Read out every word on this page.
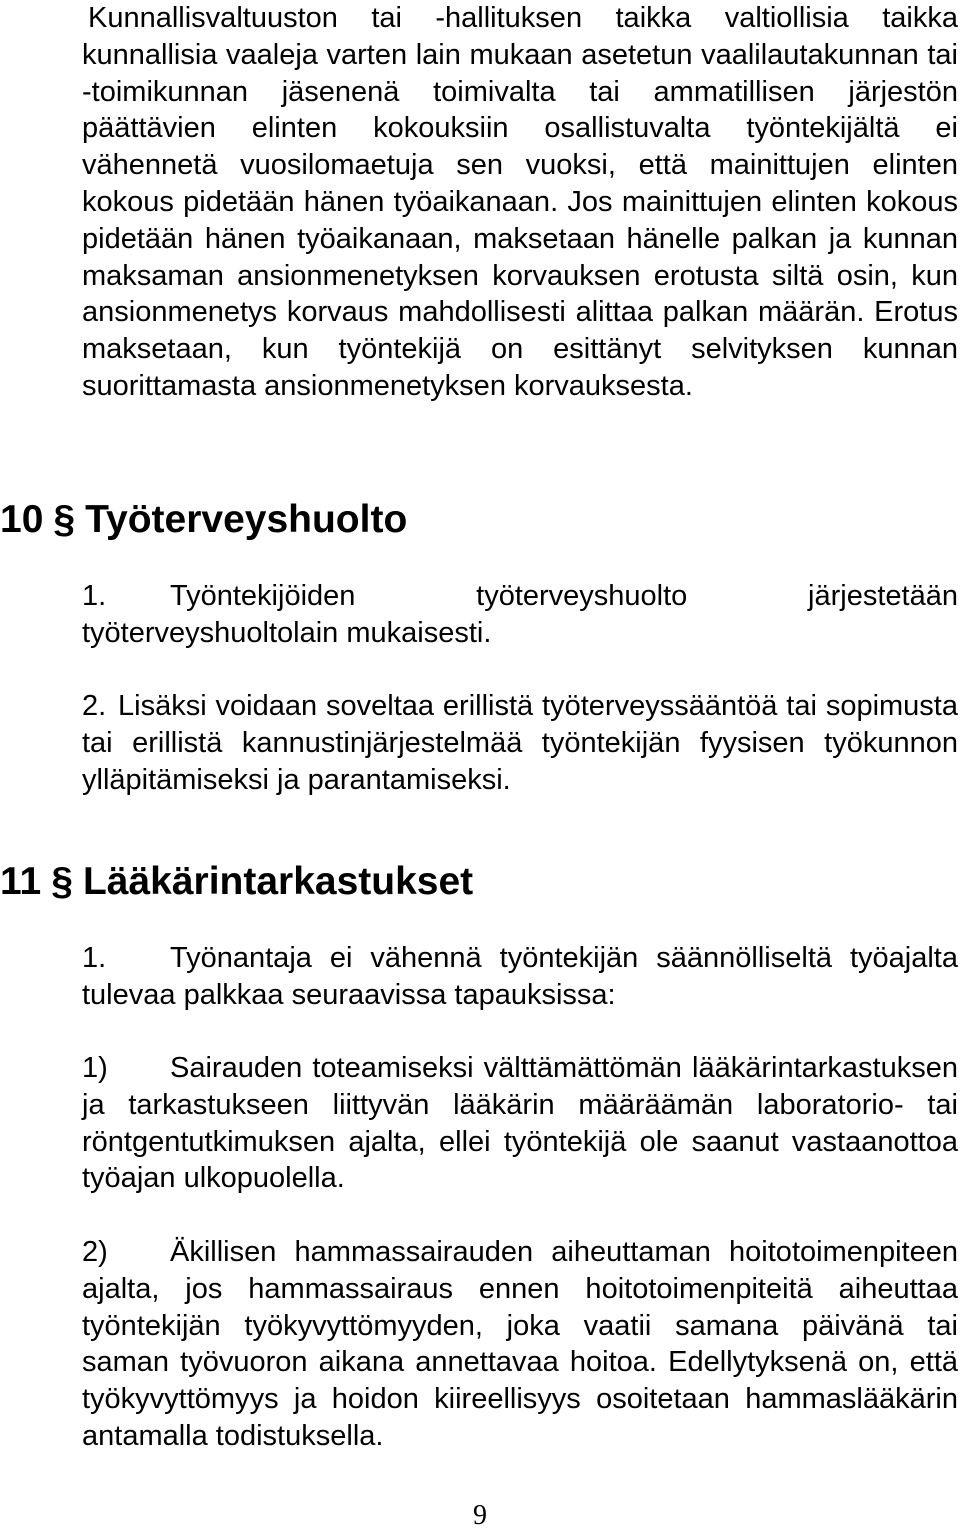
Kunnallisvaltuuston tai -hallituksen taikka valtiollisia taikka kunnallisia vaaleja varten lain mukaan asetetun vaalilautakunnan tai -toimikunnan jäsenenä toimivalta tai ammatillisen järjestön päättävien elinten kokouksiin osallistuvalta työntekijältä ei vähennetä vuosilomaetuja sen vuoksi, että mainittujen elinten kokous pidetään hänen työaikanaan. Jos mainittujen elinten kokous pidetään hänen työaikanaan, maksetaan hänelle palkan ja kunnan maksaman ansionmenetyksen korvauksen erotusta siltä osin, kun ansionmenetys korvaus mahdollisesti alittaa palkan määrän. Erotus maksetaan, kun työntekijä on esittänyt selvityksen kunnan suorittamasta ansionmenetyksen korvauksesta.

10 § Työterveyshuolto

1. Työntekijöiden työterveyshuolto järjestetään työterveyshuoltolain mukaisesti.

2. Lisäksi voidaan soveltaa erillistä työterveyssääntöä tai sopimusta tai erillistä kannustinjärjestelmää työntekijän fyysisen työkunnon ylläpitämiseksi ja parantamiseksi.

11 § Lääkärintarkastukset

1. Työnantaja ei vähennä työntekijän säännölliseltä työajalta tulevaa palkkaa seuraavissa tapauksissa:

1) Sairauden toteamiseksi välttämättömän lääkärintarkastuksen ja tarkastukseen liittyvän lääkärin määräämän laboratorio- tai röntgentutkimuksen ajalta, ellei työntekijä ole saanut vastaanottoa työajan ulkopuolella.

2) Äkillisen hammassairauden aiheuttaman hoitotoimenpiteen ajalta, jos hammassairaus ennen hoitotoimenpiteitä aiheuttaa työntekijän työkyvyttömyyden, joka vaatii samana päivänä tai saman työvuoron aikana annettavaa hoitoa. Edellytyksenä on, että työkyvyttömyys ja hoidon kiireellisyys osoitetaan hammaslääkärin antamalla todistuksella.

9
